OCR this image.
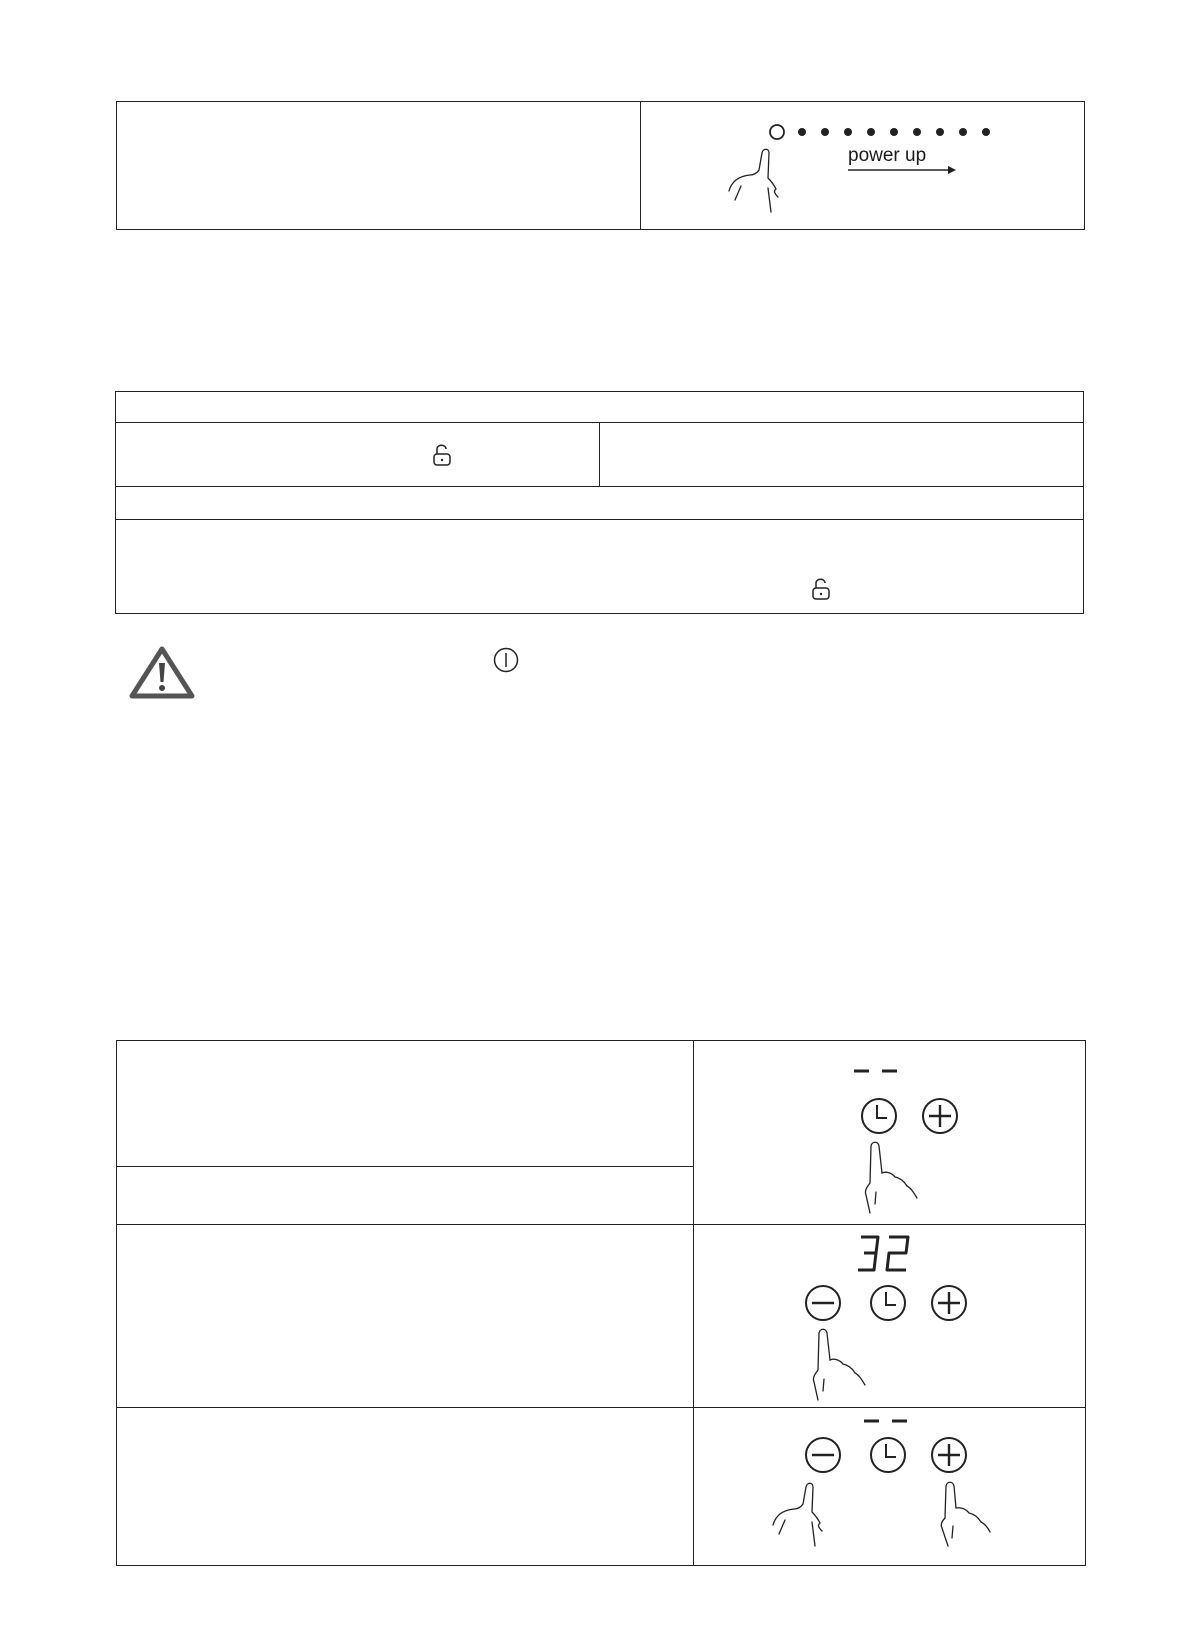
power up
